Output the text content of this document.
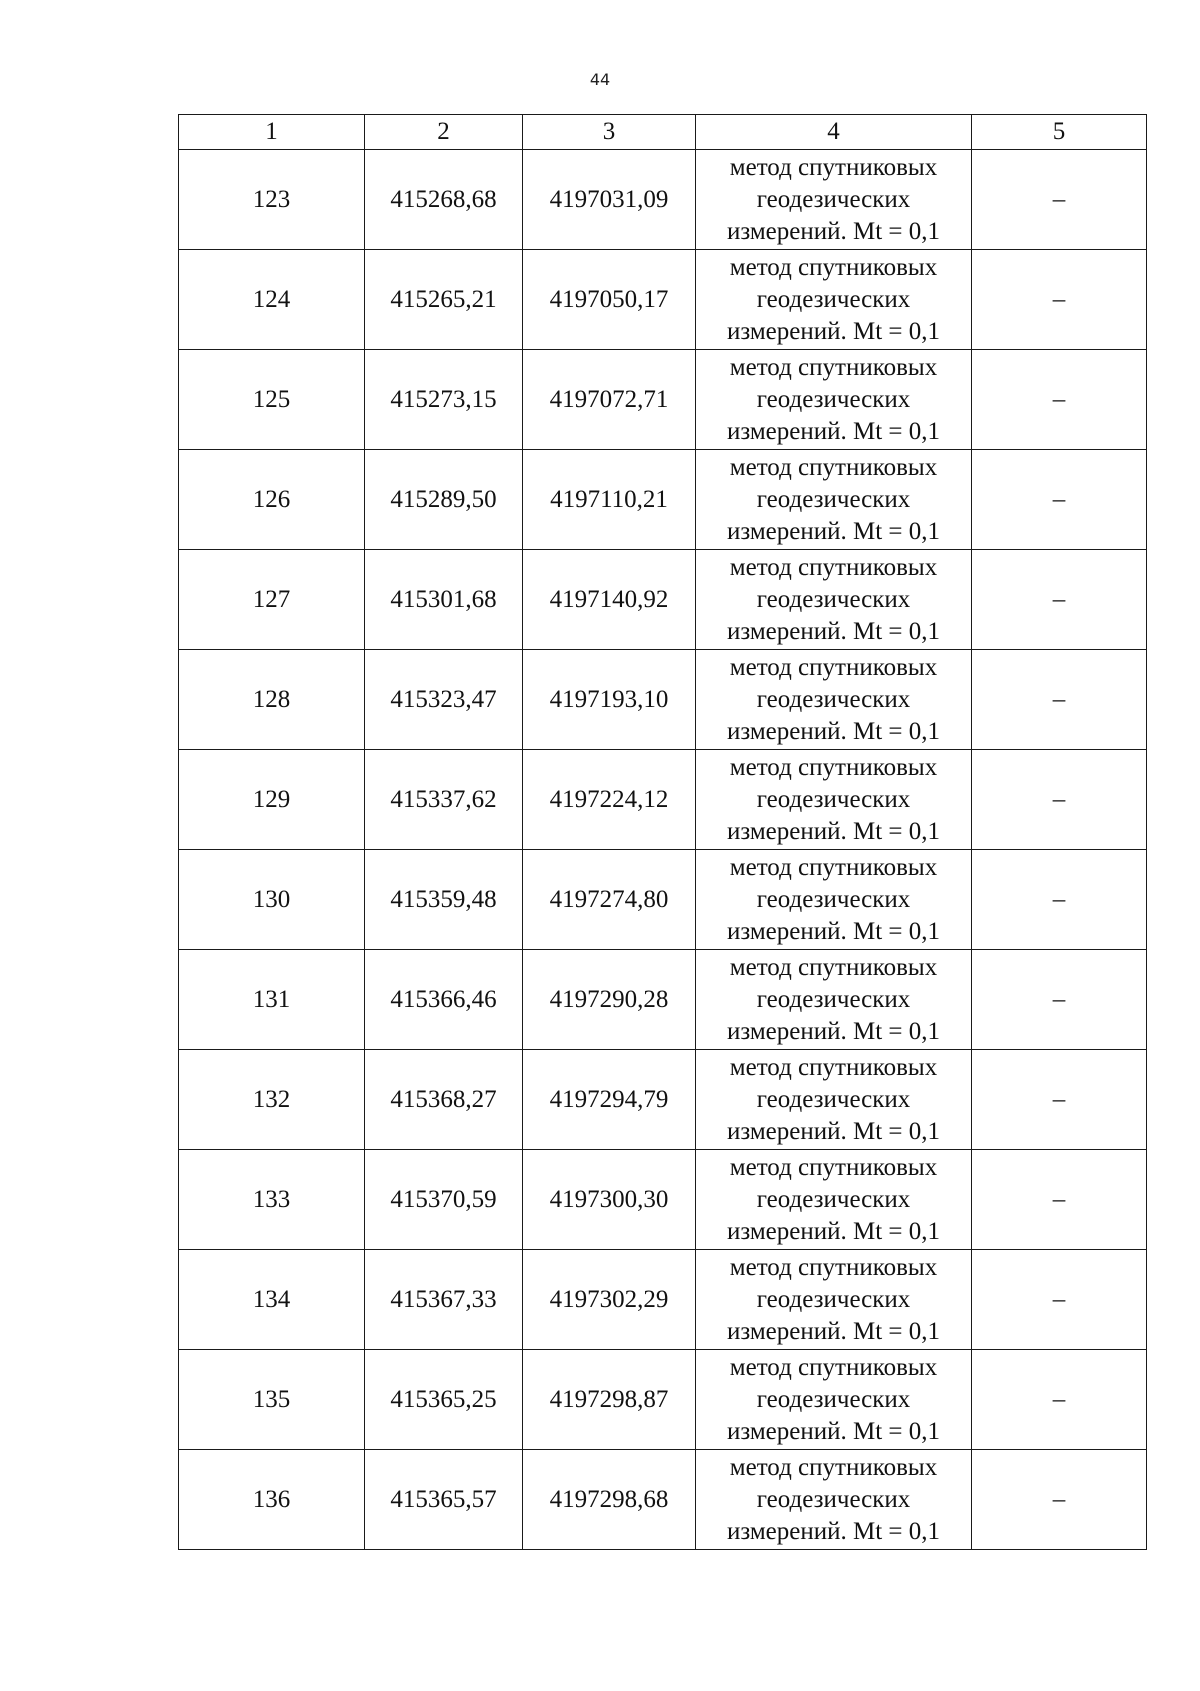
44
1	2	3	4	5
123	415268,68	4197031,09	метод спутниковых
геодезических
измерений. Mt = 0,1	–
124	415265,21	4197050,17	метод спутниковых
геодезических
измерений. Mt = 0,1	–
125	415273,15	4197072,71	метод спутниковых
геодезических
измерений. Mt = 0,1	–
126	415289,50	4197110,21	метод спутниковых
геодезических
измерений. Mt = 0,1	–
127	415301,68	4197140,92	метод спутниковых
геодезических
измерений. Mt = 0,1	–
128	415323,47	4197193,10	метод спутниковых
геодезических
измерений. Mt = 0,1	–
129	415337,62	4197224,12	метод спутниковых
геодезических
измерений. Mt = 0,1	–
130	415359,48	4197274,80	метод спутниковых
геодезических
измерений. Mt = 0,1	–
131	415366,46	4197290,28	метод спутниковых
геодезических
измерений. Mt = 0,1	–
132	415368,27	4197294,79	метод спутниковых
геодезических
измерений. Mt = 0,1	–
133	415370,59	4197300,30	метод спутниковых
геодезических
измерений. Mt = 0,1	–
134	415367,33	4197302,29	метод спутниковых
геодезических
измерений. Mt = 0,1	–
135	415365,25	4197298,87	метод спутниковых
геодезических
измерений. Mt = 0,1	–
136	415365,57	4197298,68	метод спутниковых
геодезических
измерений. Mt = 0,1	–
